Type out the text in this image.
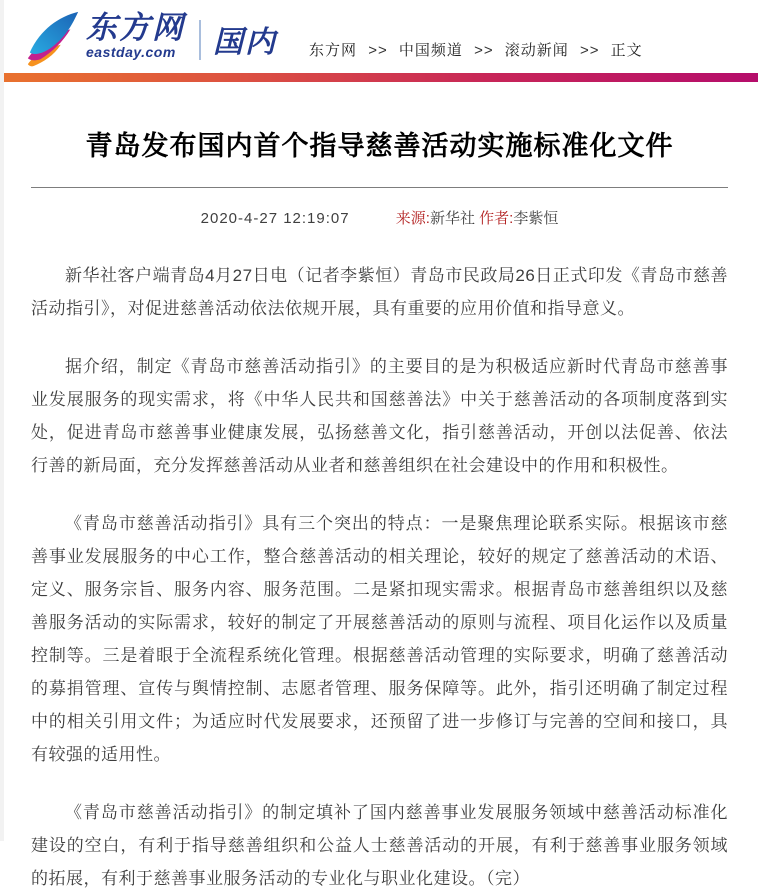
东方网
eastday.com	国内 东方网 >> 中国频道 >> 滚动新闻 >> 正文
青岛发布国内首个指导慈善活动实施标准化文件
2020-4-27 12:19:07	来源:新华社 作者:李紫恒

新华社客户端青岛4月27日电（记者李紫恒）青岛市民政局26日正式印发《青岛市慈善活动指引》，对促进慈善活动依法依规开展，具有重要的应用价值和指导意义。

据介绍，制定《青岛市慈善活动指引》的主要目的是为积极适应新时代青岛市慈善事业发展服务的现实需求，将《中华人民共和国慈善法》中关于慈善活动的各项制度落到实处，促进青岛市慈善事业健康发展，弘扬慈善文化，指引慈善活动，开创以法促善、依法行善的新局面，充分发挥慈善活动从业者和慈善组织在社会建设中的作用和积极性。

《青岛市慈善活动指引》具有三个突出的特点：一是聚焦理论联系实际。根据该市慈善事业发展服务的中心工作，整合慈善活动的相关理论，较好的规定了慈善活动的术语、定义、服务宗旨、服务内容、服务范围。二是紧扣现实需求。根据青岛市慈善组织以及慈善服务活动的实际需求，较好的制定了开展慈善活动的原则与流程、项目化运作以及质量控制等。三是着眼于全流程系统化管理。根据慈善活动管理的实际要求，明确了慈善活动的募捐管理、宣传与舆情控制、志愿者管理、服务保障等。此外，指引还明确了制定过程中的相关引用文件；为适应时代发展要求，还预留了进一步修订与完善的空间和接口，具有较强的适用性。

《青岛市慈善活动指引》的制定填补了国内慈善事业发展服务领域中慈善活动标准化建设的空白，有利于指导慈善组织和公益人士慈善活动的开展，有利于慈善事业服务领域的拓展，有利于慈善事业服务活动的专业化与职业化建设。（完）
